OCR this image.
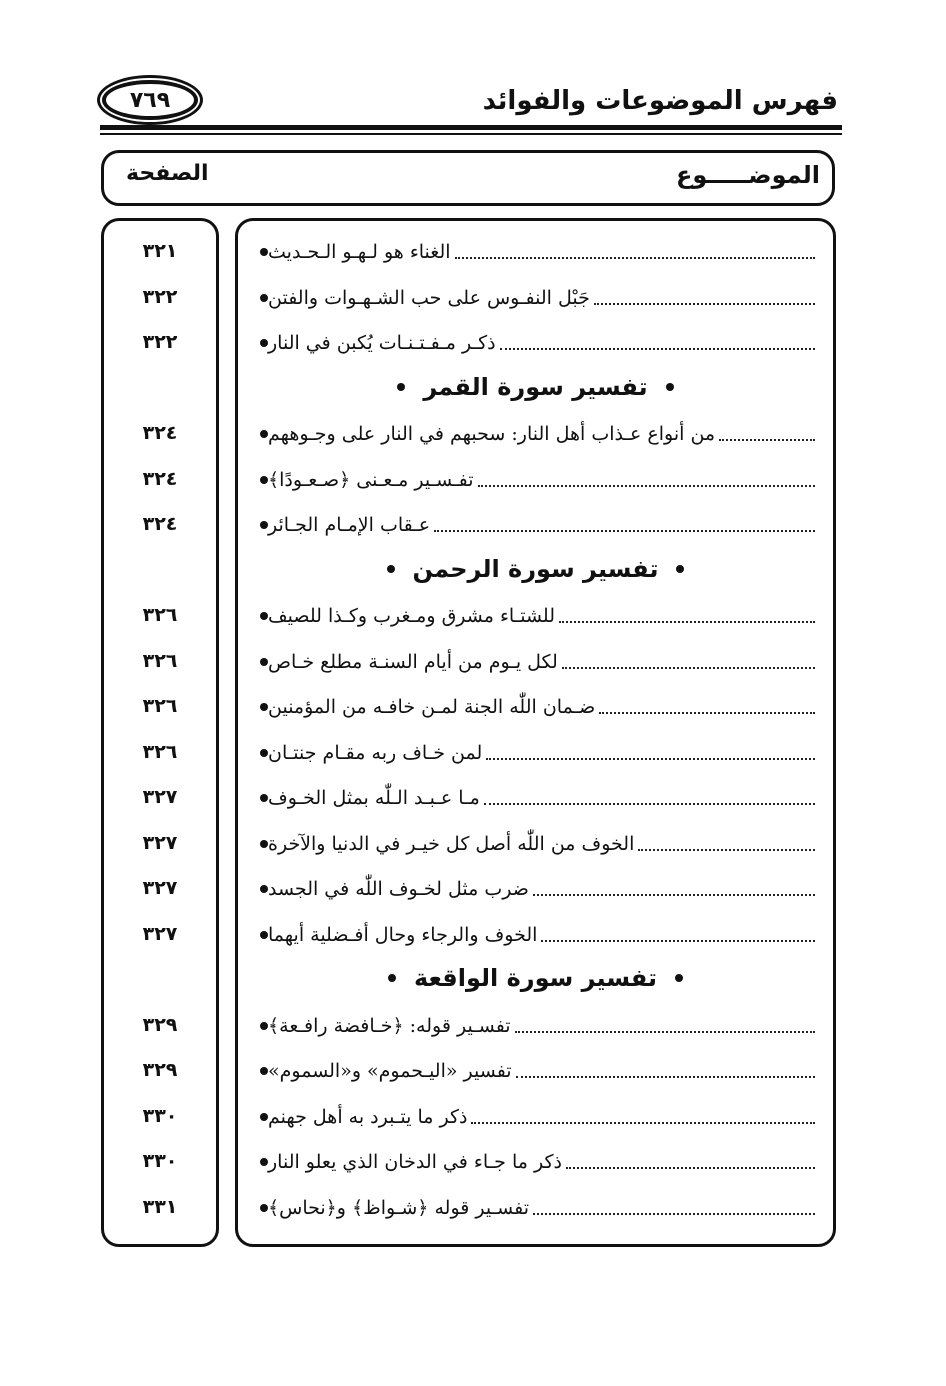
فهرس الموضوعات والفوائد
٧٦٩
الموضـــــوع
الصفحة
٣٢١
٣٢٢
٣٢٢
٣٢٤
٣٢٤
٣٢٤
٣٢٦
٣٢٦
٣٢٦
٣٢٦
٣٢٧
٣٢٧
٣٢٧
٣٢٧
٣٢٩
٣٢٩
٣٣٠
٣٣٠
٣٣١
الغناء هو لـهـو الـحـديث
جَبْل النفـوس على حب الشـهـوات والفتن
ذكـر مـفـتـنـات يُكبن في النار
تفسير سورة القمر
من أنواع عـذاب أهل النار: سحبهم في النار على وجـوههم
تفـسـير مـعـنى ﴿صـعـودًا﴾
عـقاب الإمـام الجـائر
تفسير سورة الرحمن
للشتـاء مشرق ومـغرب وكـذا للصيف
لكل يـوم من أيام السنـة مطلع خـاص
ضـمان اللّٰه الجنة لمـن خافـه من المؤمنين
لمن خـاف ربه مقـام جنتـان
مـا عـبـد الـلّٰه بمثل الخـوف
الخوف من اللّٰه أصل كل خيـر في الدنيا والآخرة
ضرب مثل لخـوف اللّٰه في الجسد
الخوف والرجاء وحال أفـضلية أيهما
تفسير سورة الواقعة
تفسـير قوله: ﴿خـافضة رافـعة﴾
تفسير «اليـحموم» و«السموم»
ذكر ما يتـبرد به أهل جهنم
ذكر ما جـاء في الدخان الذي يعلو النار
تفسـير قوله ﴿شـواظ﴾ و﴿نحاس﴾
